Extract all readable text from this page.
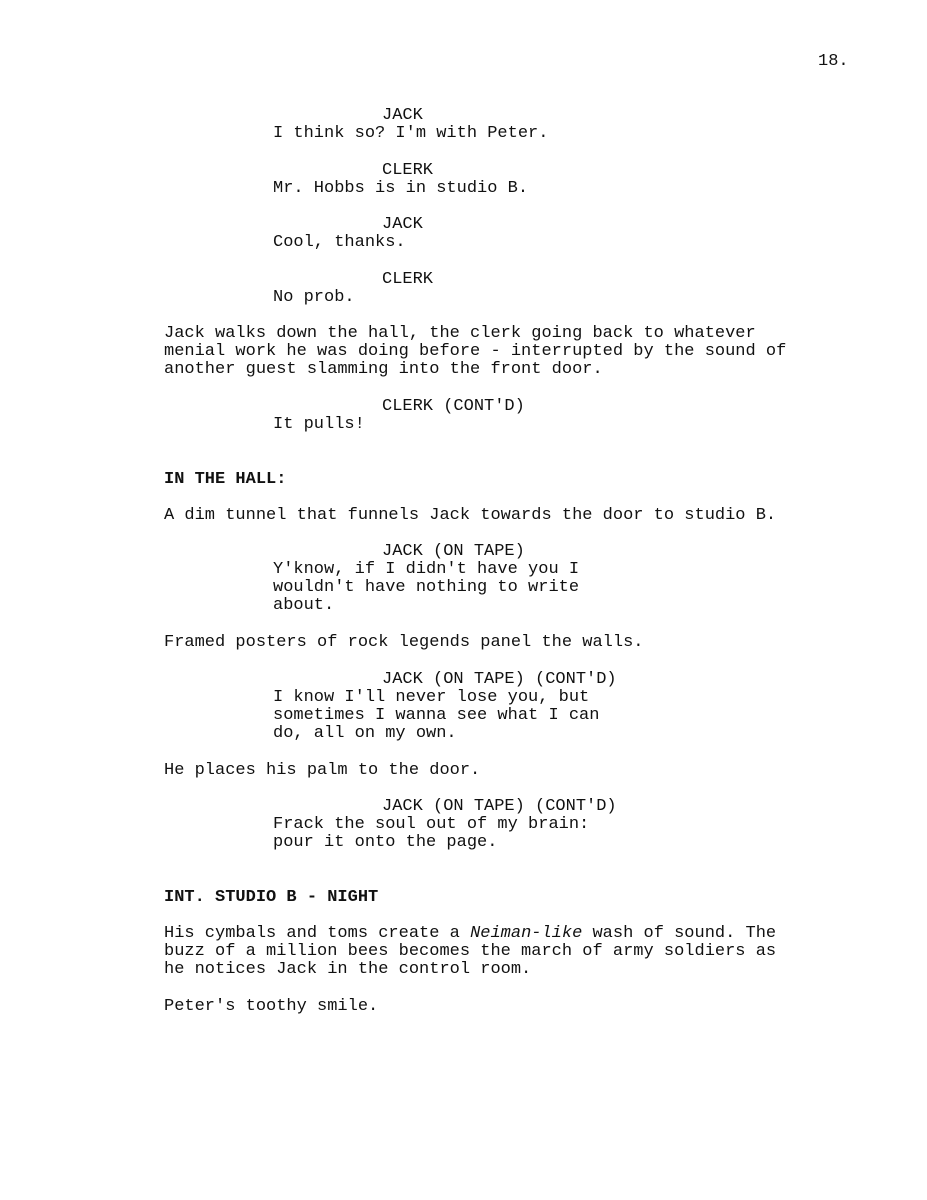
18.
JACK
I think so? I'm with Peter.
CLERK
Mr. Hobbs is in studio B.
JACK
Cool, thanks.
CLERK
No prob.
Jack walks down the hall, the clerk going back to whatever
menial work he was doing before - interrupted by the sound of
another guest slamming into the front door.
CLERK (CONT'D)
It pulls!
IN THE HALL:
A dim tunnel that funnels Jack towards the door to studio B.
JACK (ON TAPE)
Y'know, if I didn't have you I
wouldn't have nothing to write
about.
Framed posters of rock legends panel the walls.
JACK (ON TAPE) (CONT'D)
I know I'll never lose you, but
sometimes I wanna see what I can
do, all on my own.
He places his palm to the door.
JACK (ON TAPE) (CONT'D)
Frack the soul out of my brain:
pour it onto the page.
INT. STUDIO B - NIGHT
His cymbals and toms create a Neiman-like wash of sound. The
buzz of a million bees becomes the march of army soldiers as
he notices Jack in the control room.
Peter's toothy smile.
